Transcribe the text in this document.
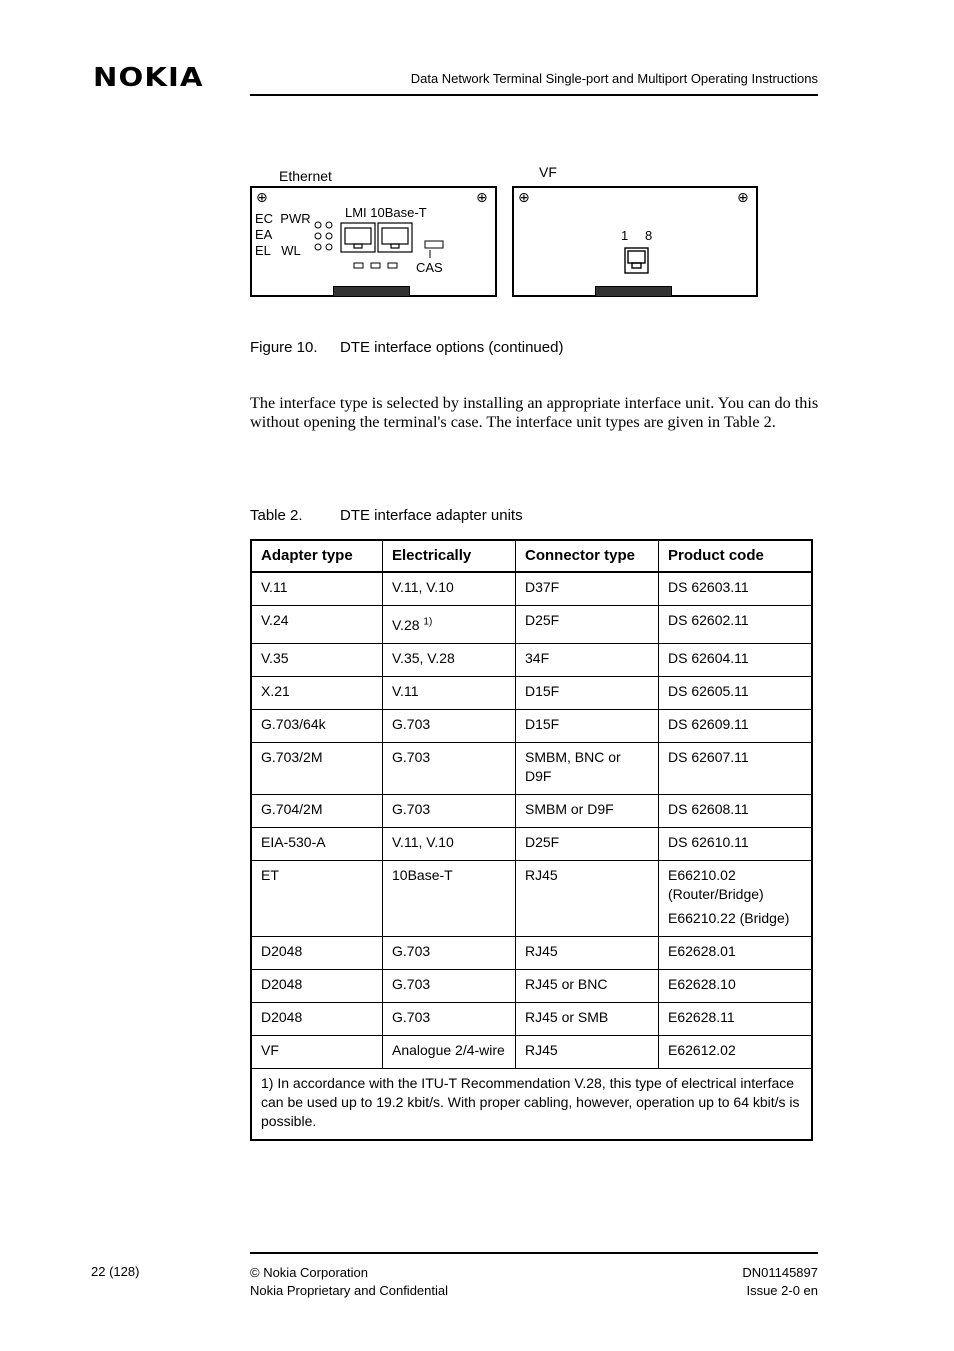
NOKIA	Data Network Terminal Single-port and Multiport Operating Instructions
Ethernet	VF
⊕	⊕
EC  PWR
EA
EL   WL
LMI 10Base-T
CAS
⊕	⊕
1 8
Figure 10. DTE interface options (continued)
The interface type is selected by installing an appropriate interface unit. You can do this without opening the terminal's case. The interface unit types are given in Table 2.
Table 2. DTE interface adapter units
Adapter type	Electrically	Connector type	Product code
V.11	V.11, V.10	D37F	DS 62603.11
V.24	V.28 $^{1)}$	D25F	DS 62602.11
V.35	V.35, V.28	34F	DS 62604.11
X.21	V.11	D15F	DS 62605.11
G.703/64k	G.703	D15F	DS 62609.11
G.703/2M	G.703	SMBM, BNC or D9F	DS 62607.11
G.704/2M	G.703	SMBM or D9F	DS 62608.11
EIA-530-A	V.11, V.10	D25F	DS 62610.11
ET	10Base-T	RJ45	E66210.02 (Router/Bridge)
E66210.22 (Bridge)

D2048	G.703	RJ45	E62628.01
D2048	G.703	RJ45 or BNC	E62628.10
D2048	G.703	RJ45 or SMB	E62628.11
VF	Analogue 2/4-wire	RJ45	E62612.02
1) In accordance with the ITU-T Recommendation V.28, this type of electrical interface can be used up to 19.2 kbit/s. With proper cabling, however, operation up to 64 kbit/s is possible.			
22 (128)	© Nokia Corporation
Nokia Proprietary and Confidential
DN01145897
Issue 2-0 en
